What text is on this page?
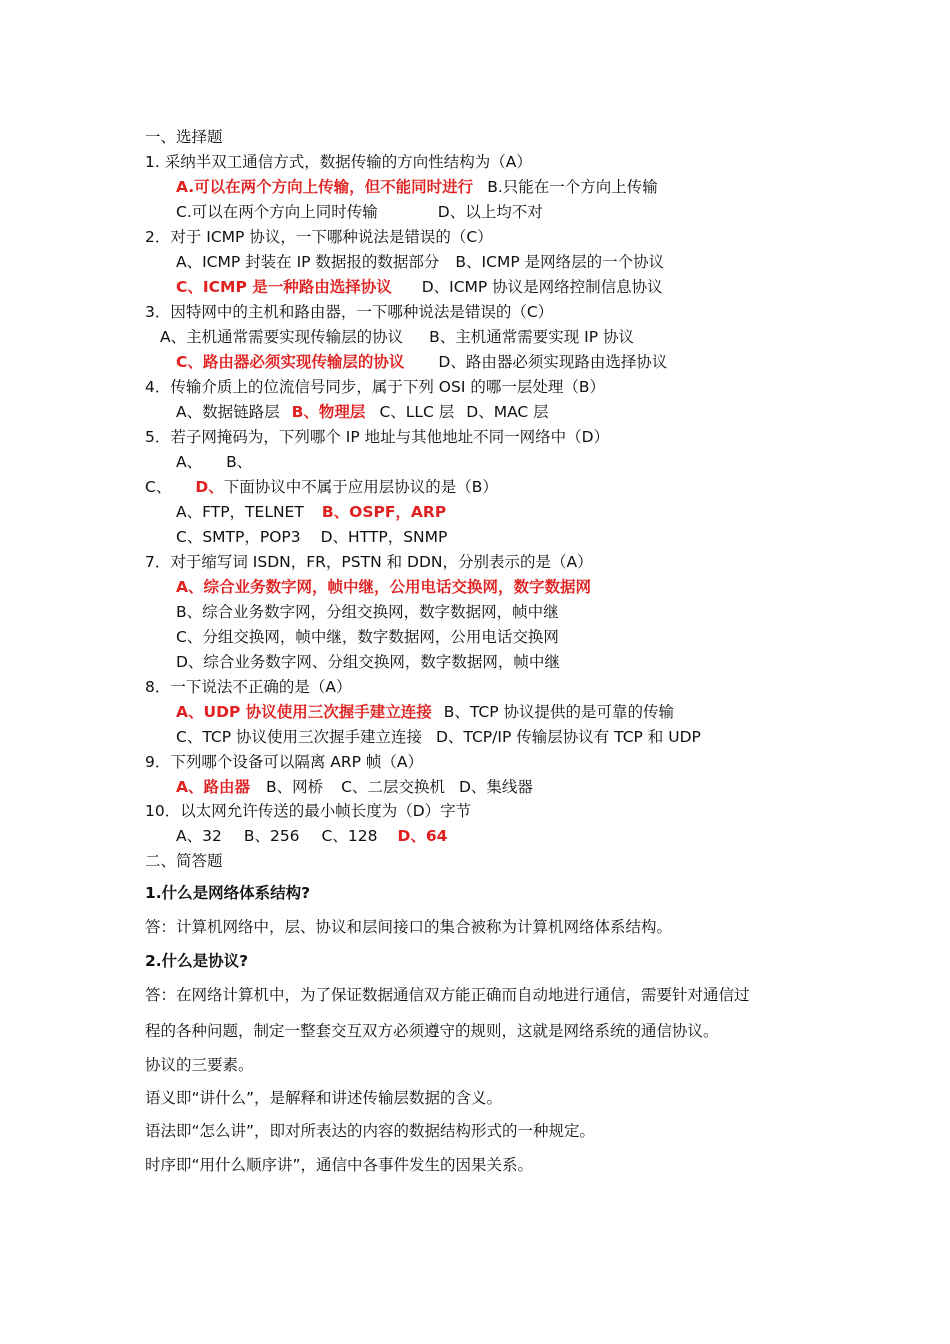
一、选择题
1. 采纳半双工通信方式，数据传输的方向性结构为（A）
A.可以在两个方向上传输，但不能同时进行 B.只能在一个方向上传输
C.可以在两个方向上同时传输	D、以上均不对
2．对于 ICMP 协议，一下哪种说法是错误的（C）
A、ICMP 封装在 IP 数据报的数据部分 B、ICMP 是网络层的一个协议
C、ICMP 是一种路由选择协议 D、ICMP 协议是网络控制信息协议
3．因特网中的主机和路由器，一下哪种说法是错误的（C）
A、主机通常需要实现传输层的协议 B、主机通常需要实现 IP 协议
C、路由器必须实现传输层的协议 D、路由器必须实现路由选择协议
4．传输介质上的位流信号同步，属于下列 OSI 的哪一层处理（B）
A、数据链路层 B、物理层 C、LLC 层 D、MAC 层
5．若子网掩码为，下列哪个 IP 地址与其他地址不同一网络中（D）
A、 B、
C、 D、下面协议中不属于应用层协议的是（B）
A、FTP，TELNET B、OSPF，ARP
C、SMTP，POP3 D、HTTP，SNMP
7．对于缩写词 ISDN，FR，PSTN 和 DDN，分别表示的是（A）
A、综合业务数字网，帧中继，公用电话交换网，数字数据网
B、综合业务数字网，分组交换网，数字数据网，帧中继
C、分组交换网，帧中继，数字数据网，公用电话交换网
D、综合业务数字网、分组交换网，数字数据网，帧中继
8．一下说法不正确的是（A）
A、UDP 协议使用三次握手建立连接 B、TCP 协议提供的是可靠的传输
C、TCP 协议使用三次握手建立连接 D、TCP/IP 传输层协议有 TCP 和 UDP
9．下列哪个设备可以隔离 ARP 帧（A）
A、路由器 B、网桥 C、二层交换机 D、集线器
10．以太网允许传送的最小帧长度为（D）字节
A、32 B、256 C、128 D、64
二、简答题
1.什么是网络体系结构?
答：计算机网络中，层、协议和层间接口的集合被称为计算机网络体系结构。
2.什么是协议?
答：在网络计算机中，为了保证数据通信双方能正确而自动地进行通信，需要针对通信过
程的各种问题，制定一整套交互双方必须遵守的规则，这就是网络系统的通信协议。
协议的三要素。
语义即“讲什么”，是解释和讲述传输层数据的含义。
语法即“怎么讲”，即对所表达的内容的数据结构形式的一种规定。
时序即“用什么顺序讲”，通信中各事件发生的因果关系。
